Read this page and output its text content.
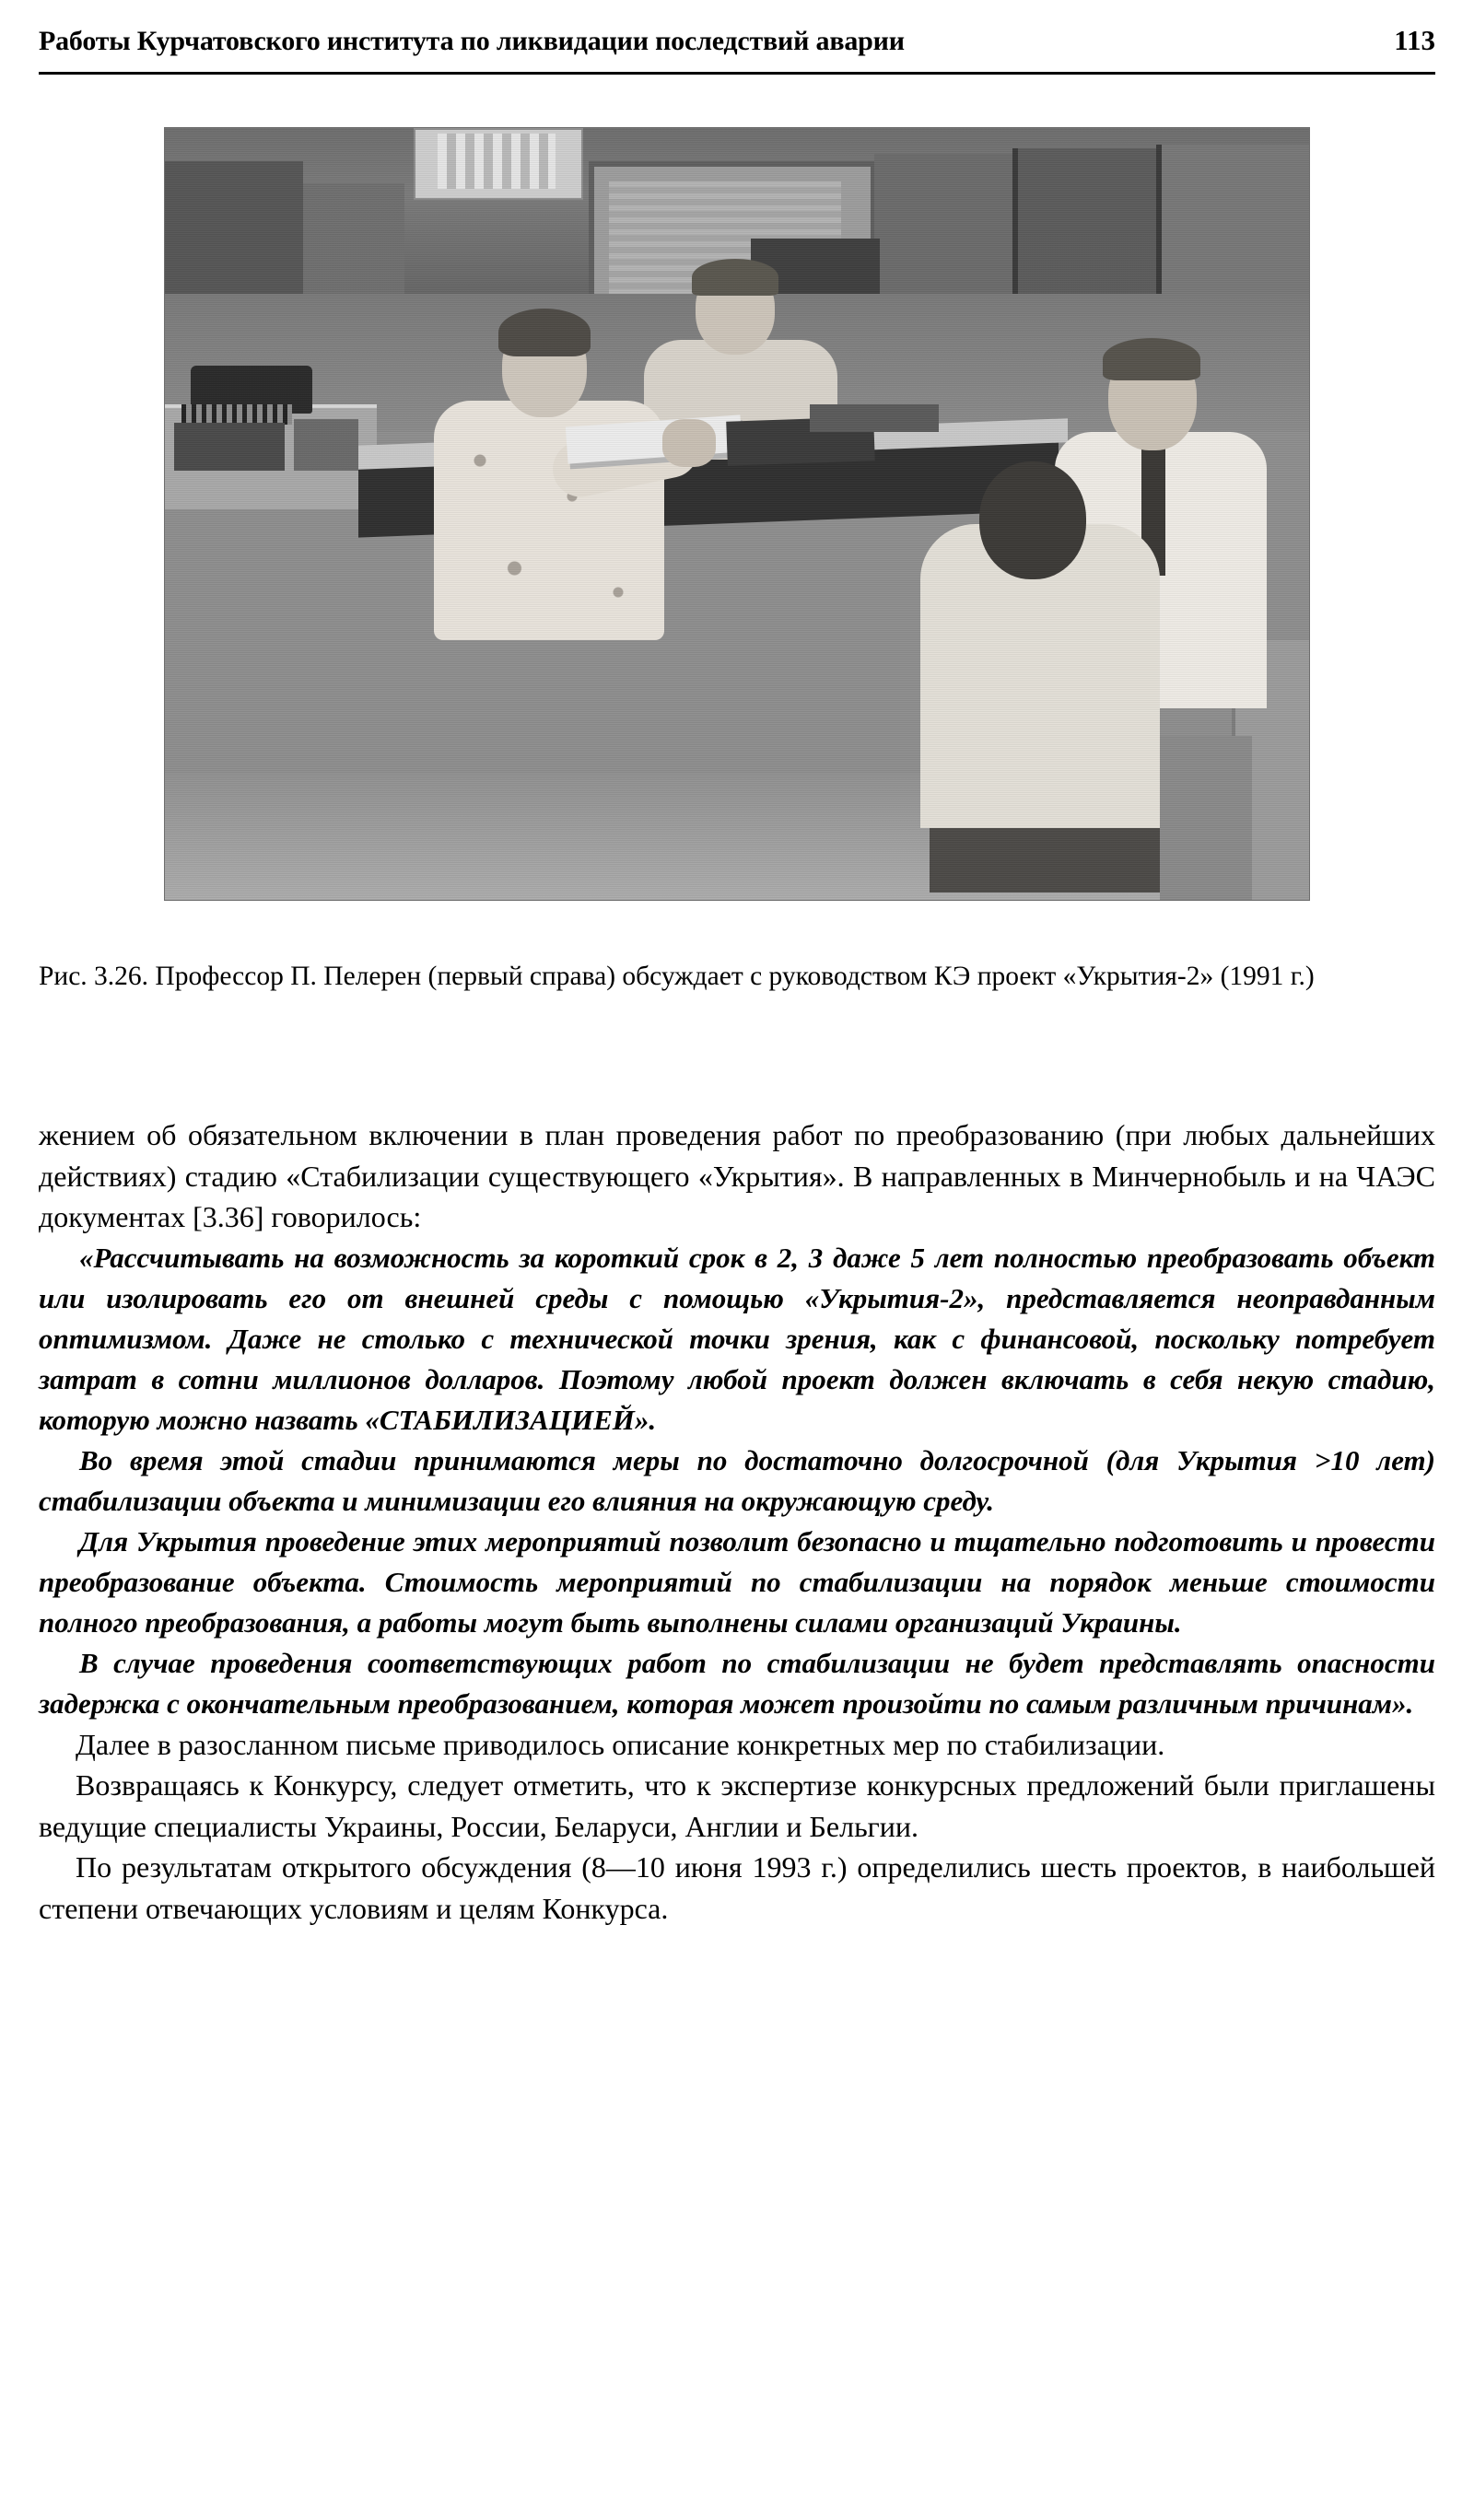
Работы Курчатовского института по ликвидации последствий аварии	113
Рис. 3.26. Профессор П. Пелерен (первый справа) обсуждает с руководством КЭ проект «Укрытия-2» (1991 г.)

жением об обязательном включении в план проведения работ по преобразованию (при любых дальнейших действиях) стадию «Стабилизации существующего «Укрытия». В направленных в Минчернобыль и на ЧАЭС документах [3.36] говорилось:

«Рассчитывать на возможность за короткий срок в 2, 3 даже 5 лет полностью преобразовать объект или изолировать его от внешней среды с помощью «Укрытия-2», представляется неоправданным оптимизмом. Даже не столько с технической точки зрения, как с финансовой, поскольку потребует затрат в сотни миллионов долларов. Поэтому любой проект должен включать в себя некую стадию, которую можно назвать «СТАБИЛИЗАЦИЕЙ».

Во время этой стадии принимаются меры по достаточно долгосрочной (для Укрытия >10 лет) стабилизации объекта и минимизации его влияния на окружающую среду.

Для Укрытия проведение этих мероприятий позволит безопасно и тщательно подготовить и провести преобразование объекта. Стоимость мероприятий по стабилизации на порядок меньше стоимости полного преобразования, а работы могут быть выполнены силами организаций Украины.

В случае проведения соответствующих работ по стабилизации не будет представлять опасности задержка с окончательным преобразованием, которая может произойти по самым различным причинам».

Далее в разосланном письме приводилось описание конкретных мер по стабилизации.

Возвращаясь к Конкурсу, следует отметить, что к экспертизе конкурсных предложений были приглашены ведущие специалисты Украины, России, Беларуси, Англии и Бельгии.

По результатам открытого обсуждения (8—10 июня 1993 г.) определились шесть проектов, в наибольшей степени отвечающих условиям и целям Конкурса.
